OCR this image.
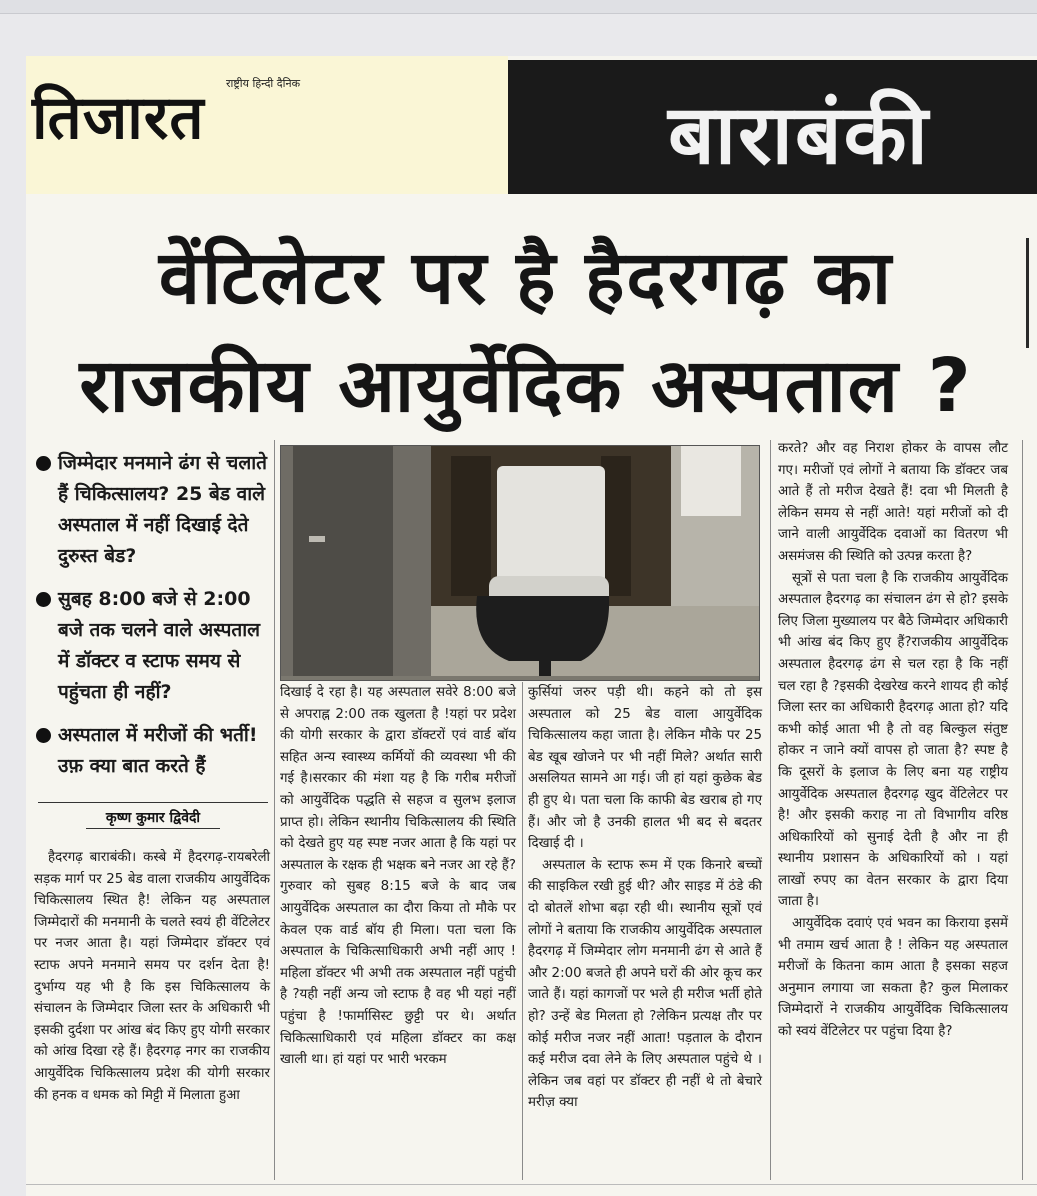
राष्ट्रीय हिन्दी दैनिक
तिजारत	बाराबंकी
वेंटिलेटर पर है हैदरगढ़ का
राजकीय आयुर्वेदिक अस्पताल ?
जिम्मेदार मनमाने ढंग से चलाते हैं चिकित्सालय? 25 बेड वाले अस्पताल में नहीं दिखाई देते दुरुस्त बेड?
सुबह 8:00 बजे से 2:00 बजे तक चलने वाले अस्पताल में डॉक्टर व स्टाफ समय से पहुंचता ही नहीं?
अस्पताल में मरीजों की भर्ती! उफ़ क्या बात करते हैं
कृष्ण कुमार द्विवेदी

हैदरगढ़ बाराबंकी। कस्बे में हैदरगढ़-रायबरेली सड़क मार्ग पर 25 बेड वाला राजकीय आयुर्वेदिक चिकित्सालय स्थित है! लेकिन यह अस्पताल जिम्मेदारों की मनमानी के चलते स्वयं ही वेंटिलेटर पर नजर आता है। यहां जिम्मेदार डॉक्टर एवं स्टाफ अपने मनमाने समय पर दर्शन देता है!दुर्भाग्य यह भी है कि इस चिकित्सालय के संचालन के जिम्मेदार जिला स्तर के अधिकारी भी इसकी दुर्दशा पर आंख बंद किए हुए योगी सरकार को आंख दिखा रहे हैं। हैदरगढ़ नगर का राजकीय आयुर्वेदिक चिकित्सालय प्रदेश की योगी सरकार की हनक व धमक को मिट्टी में मिलाता हुआ

दिखाई दे रहा है। यह अस्पताल सवेरे 8:00 बजे से अपराह्न 2:00 तक खुलता है !यहां पर प्रदेश की योगी सरकार के द्वारा डॉक्टरों एवं वार्ड बॉय सहित अन्य स्वास्थ्य कर्मियों की व्यवस्था भी की गई है।सरकार की मंशा यह है कि गरीब मरीजों को आयुर्वेदिक पद्धति से सहज व सुलभ इलाज प्राप्त हो। लेकिन स्थानीय चिकित्सालय की स्थिति को देखते हुए यह स्पष्ट नजर आता है कि यहां पर अस्पताल के रक्षक ही भक्षक बने नजर आ रहे हैं? गुरुवार को सुबह 8:15 बजे के बाद जब आयुर्वेदिक अस्पताल का दौरा किया तो मौके पर केवल एक वार्ड बॉय ही मिला। पता चला कि अस्पताल के चिकित्साधिकारी अभी नहीं आए !महिला डॉक्टर भी अभी तक अस्पताल नहीं पहुंची है ?यही नहीं अन्य जो स्टाफ है वह भी यहां नहीं पहुंचा है !फार्मासिस्ट छुट्टी पर थे। अर्थात चिकित्साधिकारी एवं महिला डॉक्टर का कक्ष खाली था। हां यहां पर भारी भरकम

कुर्सियां जरुर पड़ी थी। कहने को तो इस अस्पताल को 25 बेड वाला आयुर्वेदिक चिकित्सालय कहा जाता है। लेकिन मौके पर 25 बेड खूब खोजने पर भी नहीं मिले? अर्थात सारी असलियत सामने आ गई। जी हां यहां कुछेक बेड ही हुए थे। पता चला कि काफी बेड खराब हो गए हैं। और जो है उनकी हालत भी बद से बदतर दिखाई दी ।

अस्पताल के स्टाफ रूम में एक किनारे बच्चों की साइकिल रखी हुई थी? और साइड में ठंडे की दो बोतलें शोभा बढ़ा रही थी। स्थानीय सूत्रों एवं लोगों ने बताया कि राजकीय आयुर्वेदिक अस्पताल हैदरगढ़ में जिम्मेदार लोग मनमानी ढंग से आते हैं और 2:00 बजते ही अपने घरों की ओर कूच कर जाते हैं। यहां कागजों पर भले ही मरीज भर्ती होते हो? उन्हें बेड मिलता हो ?लेकिन प्रत्यक्ष तौर पर कोई मरीज नजर नहीं आता! पड़ताल के दौरान कई मरीज दवा लेने के लिए अस्पताल पहुंचे थे ।लेकिन जब वहां पर डॉक्टर ही नहीं थे तो बेचारे मरीज़ क्या

करते? और वह निराश होकर के वापस लौट गए। मरीजों एवं लोगों ने बताया कि डॉक्टर जब आते हैं तो मरीज देखते हैं! दवा भी मिलती है लेकिन समय से नहीं आते! यहां मरीजों को दी जाने वाली आयुर्वेदिक दवाओं का वितरण भी असमंजस की स्थिति को उत्पन्न करता है?

सूत्रों से पता चला है कि राजकीय आयुर्वेदिक अस्पताल हैदरगढ़ का संचालन ढंग से हो? इसके लिए जिला मुख्यालय पर बैठे जिम्मेदार अधिकारी भी आंख बंद किए हुए हैं?राजकीय आयुर्वेदिक अस्पताल हैदरगढ़ ढंग से चल रहा है कि नहीं चल रहा है ?इसकी देखरेख करने शायद ही कोई जिला स्तर का अधिकारी हैदरगढ़ आता हो? यदि कभी कोई आता भी है तो वह बिल्कुल संतुष्ट होकर न जाने क्यों वापस हो जाता है? स्पष्ट है कि दूसरों के इलाज के लिए बना यह राष्ट्रीय आयुर्वेदिक अस्पताल हैदरगढ़ खुद वेंटिलेटर पर है! और इसकी कराह ना तो विभागीय वरिष्ठ अधिकारियों को सुनाई देती है और ना ही स्थानीय प्रशासन के अधिकारियों को । यहां लाखों रुपए का वेतन सरकार के द्वारा दिया जाता है।

आयुर्वेदिक दवाएं एवं भवन का किराया इसमें भी तमाम खर्च आता है ! लेकिन यह अस्पताल मरीजों के कितना काम आता है इसका सहज अनुमान लगाया जा सकता है? कुल मिलाकर जिम्मेदारों ने राजकीय आयुर्वेदिक चिकित्सालय को स्वयं वेंटिलेटर पर पहुंचा दिया है?
